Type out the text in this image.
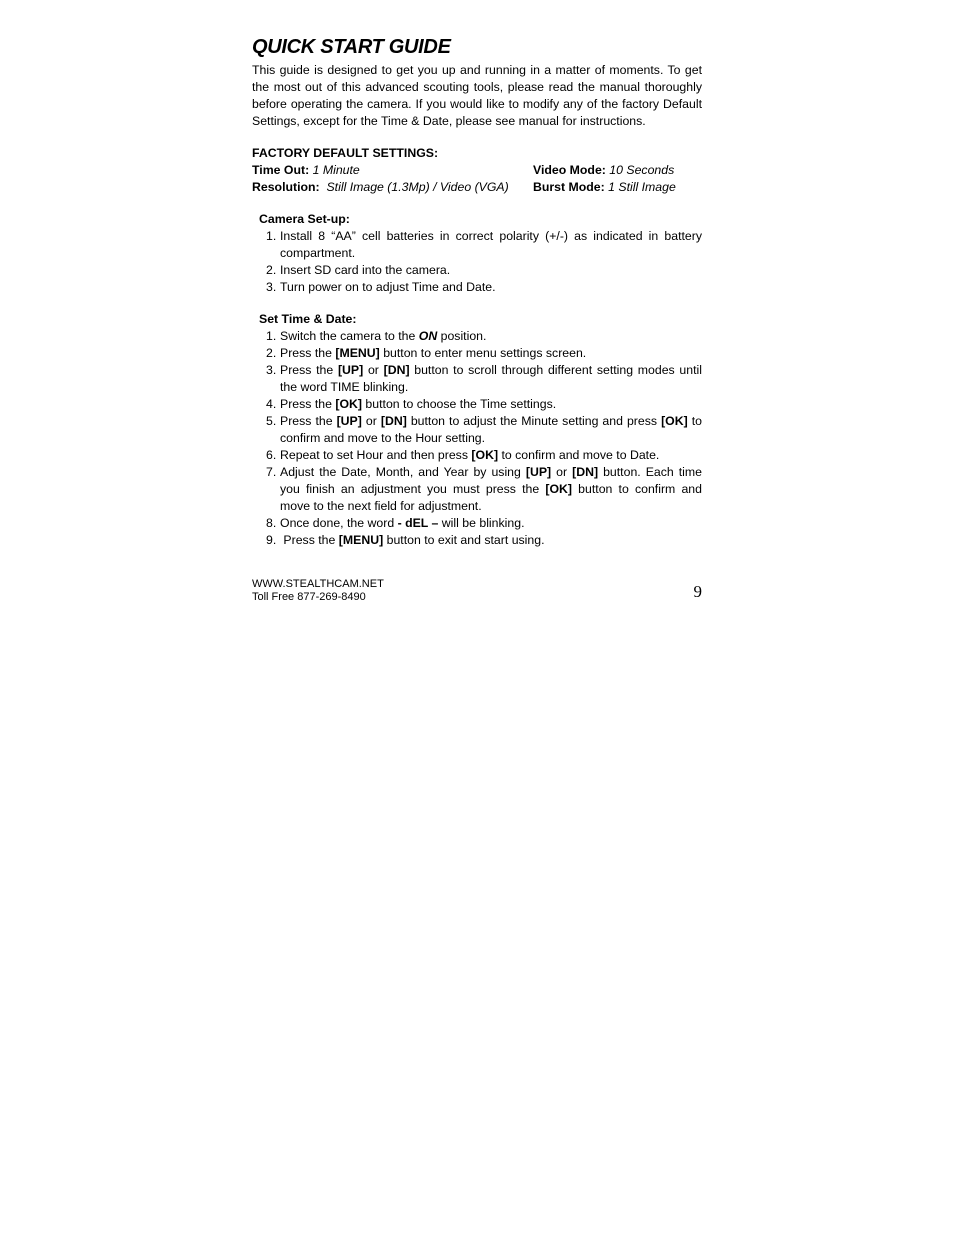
QUICK START GUIDE

This guide is designed to get you up and running in a matter of moments. To get the most out of this advanced scouting tools, please read the manual thoroughly before operating the camera. If you would like to modify any of the factory Default Settings, except for the Time & Date, please see manual for instructions.

FACTORY DEFAULT SETTINGS:

Time Out: 1 Minute	Video Mode: 10 Seconds
Resolution: Still Image (1.3Mp) / Video (VGA) Burst Mode: 1 Still Image

Camera Set-up:

1. Install 8 “AA” cell batteries in correct polarity (+/-) as indicated in battery compartment.
2. Insert SD card into the camera.
3. Turn power on to adjust Time and Date.

Set Time & Date:

1. Switch the camera to the ON position.
2. Press the [MENU] button to enter menu settings screen.
3. Press the [UP] or [DN] button to scroll through different setting modes until the word TIME blinking.
4. Press the [OK] button to choose the Time settings.
5. Press the [UP] or [DN] button to adjust the Minute setting and press [OK] to confirm and move to the Hour setting.
6. Repeat to set Hour and then press [OK] to confirm and move to Date.
7. Adjust the Date, Month, and Year by using [UP] or [DN] button. Each time you finish an adjustment you must press the [OK] button to confirm and move to the next field for adjustment.
8. Once done, the word - dEL – will be blinking.
9. Press the [MENU] button to exit and start using.
WWW.STEALTHCAM.NET
Toll Free 877-269-8490	9
